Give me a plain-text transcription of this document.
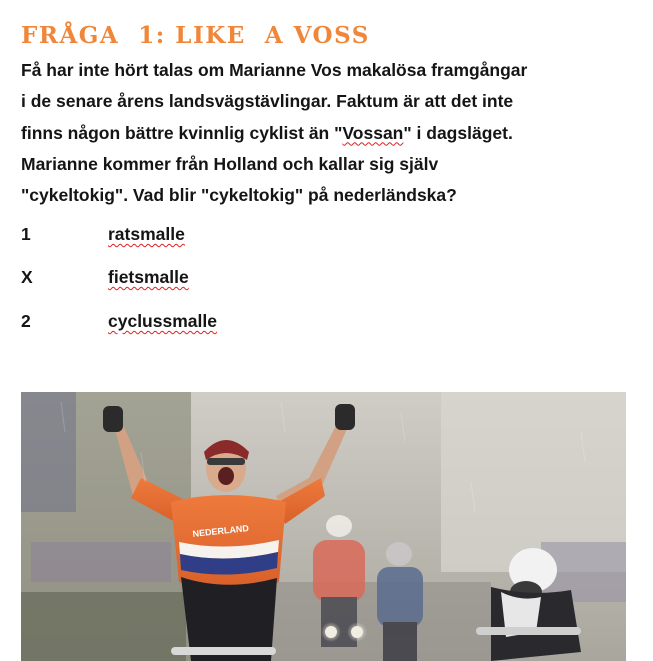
FRÅGA  1: LIKE  A VOSS
Få har inte hört talas om Marianne Vos makalösa framgångar
i de senare årens landsvägstävlingar. Faktum är att det inte
finns någon bättre kvinnlig cyklist än "Vossan" i dagsläget.
Marianne kommer från Holland och kallar sig själv
"cykeltokig". Vad blir "cykeltokig" på nederländska?
1	ratsmalle
X	fietsmalle
2	cyclussmalle
NEDERLAND
